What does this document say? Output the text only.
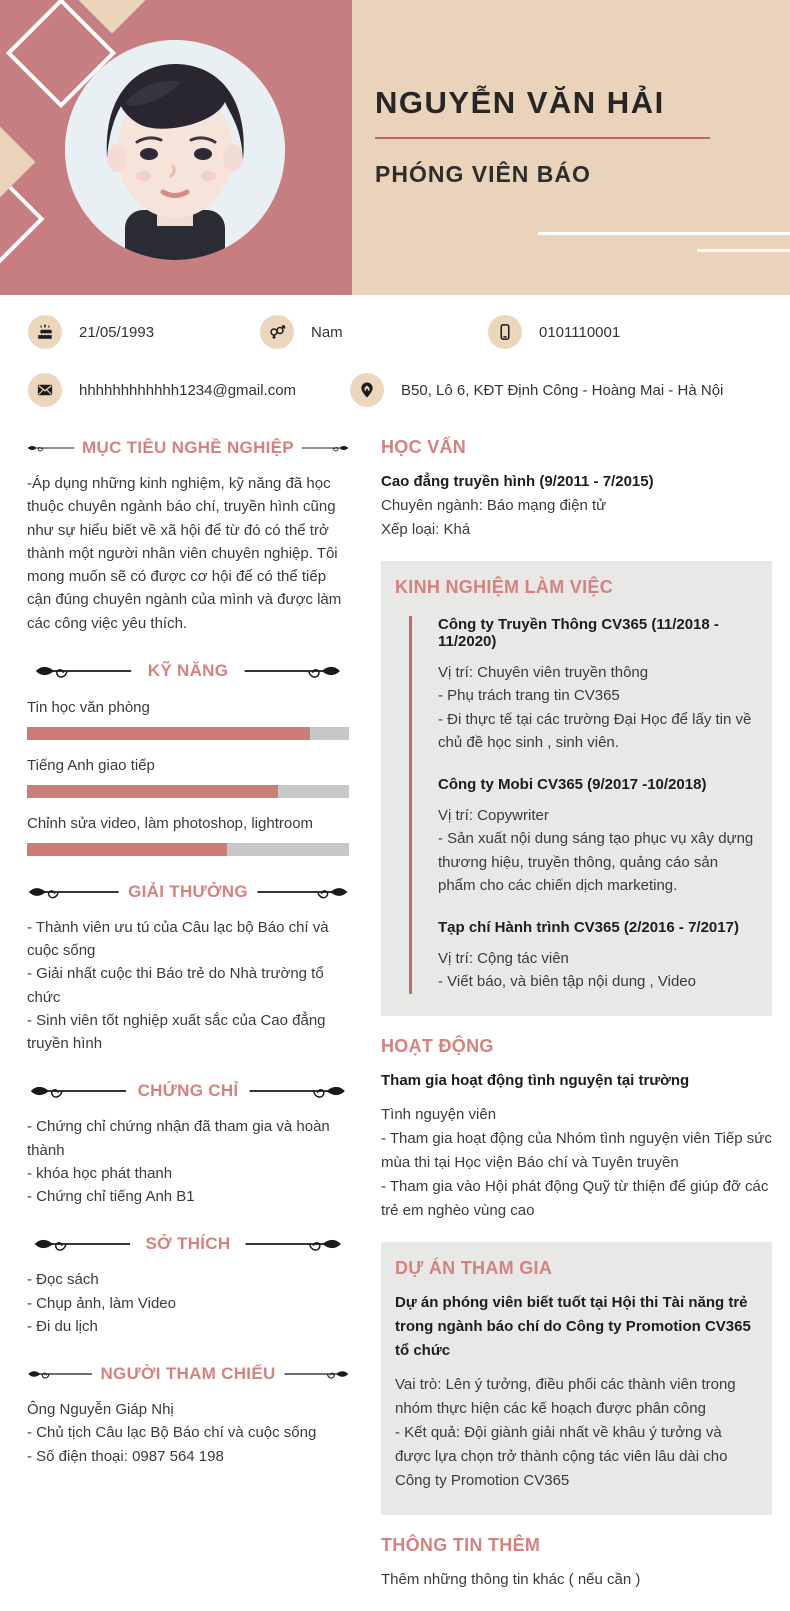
NGUYỄN VĂN HẢI
PHÓNG VIÊN BÁO
21/05/1993	Nam	0101110001
hhhhhhhhhhhh1234@gmail.com	B50, Lô 6, KĐT Định Công - Hoàng Mai - Hà Nội
MỤC TIÊU NGHỀ NGHIỆP

-Áp dụng những kinh nghiệm, kỹ năng đã học thuộc chuyên ngành báo chí, truyền hình cũng như sự hiểu biết về xã hội để từ đó có thể trở thành một người nhân viên chuyên nghiệp. Tôi mong muốn sẽ có được cơ hội để có thể tiếp cận đúng chuyên ngành của mình và được làm các công việc yêu thích.

KỸ NĂNG
Tin học văn phòng
Tiếng Anh giao tiếp
Chỉnh sửa video, làm photoshop, lightroom
GIẢI THƯỞNG
- Thành viên ưu tú của Câu lạc bộ Báo chí và cuộc sống
- Giải nhất cuộc thi Báo trẻ do Nhà trường tổ chức
- Sinh viên tốt nghiệp xuất sắc của Cao đẳng truyền hình
CHỨNG CHỈ
- Chứng chỉ chứng nhận đã tham gia và hoàn thành
- khóa học phát thanh
- Chứng chỉ tiếng Anh B1
SỞ THÍCH
- Đọc sách
- Chụp ảnh, làm Video
- Đi du lịch
NGƯỜI THAM CHIẾU
Ông Nguyễn Giáp Nhị
- Chủ tịch Câu lạc Bộ Báo chí và cuộc sống
- Số điện thoại: 0987 564 198
HỌC VẤN
Cao đẳng truyền hình (9/2011 - 7/2015)
Chuyên ngành: Báo mạng điện tử
Xếp loại: Khá
KINH NGHIỆM LÀM VIỆC
Công ty Truyền Thông CV365 (11/2018 - 11/2020)
Vị trí: Chuyên viên truyền thông
- Phụ trách trang tin CV365
- Đi thực tế tại các trường Đại Học để lấy tin về chủ đề học sinh , sinh viên.
Công ty Mobi CV365 (9/2017 -10/2018)
Vị trí: Copywriter
- Sản xuất nội dung sáng tạo phục vụ xây dựng thương hiệu, truyền thông, quảng cáo sản phẩm cho các chiến dịch marketing.
Tạp chí Hành trình CV365 (2/2016 - 7/2017)
Vị trí: Cộng tác viên
- Viết báo, và biên tập nội dung , Video
HOẠT ĐỘNG
Tham gia hoạt động tình nguyện tại trường
Tình nguyện viên
- Tham gia hoạt động của Nhóm tình nguyện viên Tiếp sức mùa thi tại Học viện Báo chí và Tuyên truyền
- Tham gia vào Hội phát động Quỹ từ thiện để giúp đỡ các trẻ em nghèo vùng cao
DỰ ÁN THAM GIA
Dự án phóng viên biết tuốt tại Hội thi Tài năng trẻ trong ngành báo chí do Công ty Promotion CV365 tổ chức
Vai trò: Lên ý tưởng, điều phối các thành viên trong nhóm thực hiện các kế hoạch được phân công
- Kết quả: Đội giành giải nhất về khâu ý tưởng và được lựa chọn trở thành cộng tác viên lâu dài cho Công ty Promotion CV365
THÔNG TIN THÊM
Thêm những thông tin khác ( nếu cần )
